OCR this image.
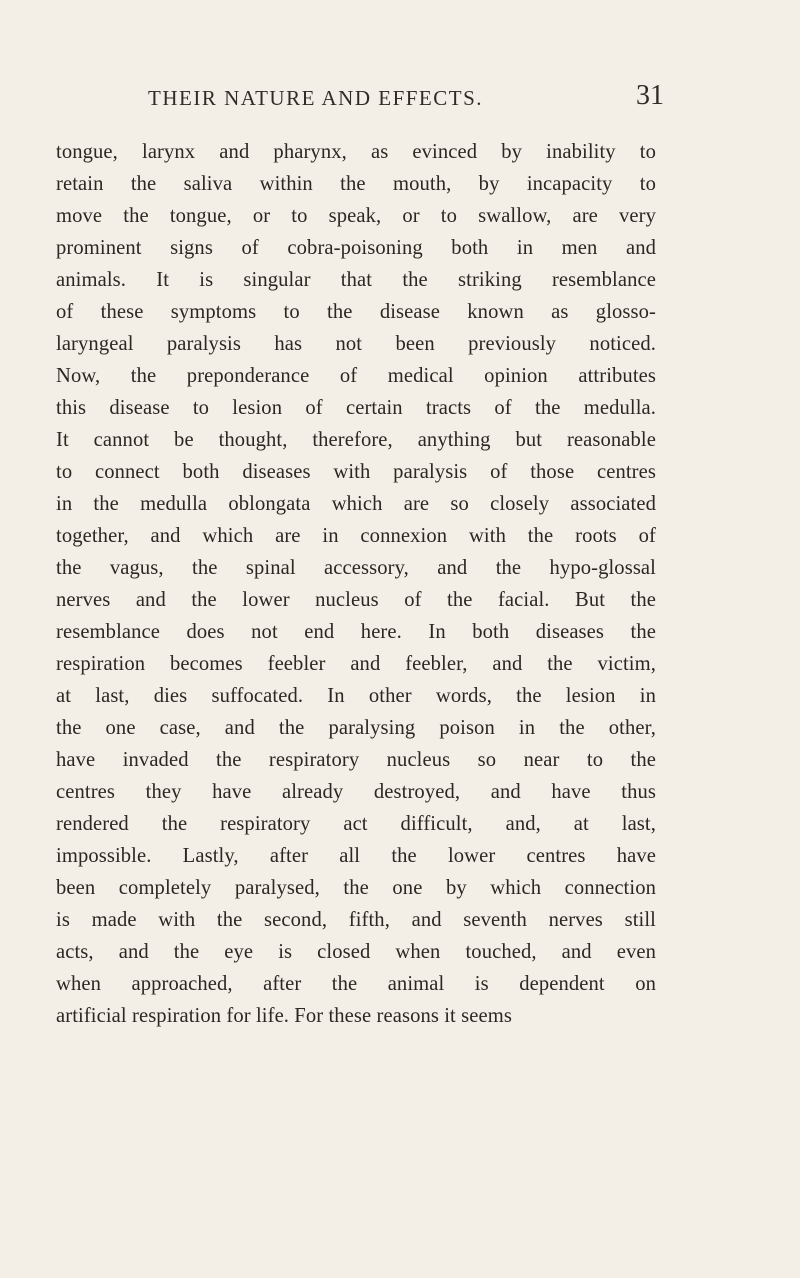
THEIR NATURE AND EFFECTS.	31
tongue, larynx and pharynx, as evinced by inability to
retain the saliva within the mouth, by incapacity to
move the tongue, or to speak, or to swallow, are very
prominent signs of cobra-poisoning both in men and
animals. It is singular that the striking resemblance
of these symptoms to the disease known as glosso-
laryngeal paralysis has not been previously noticed.
Now, the preponderance of medical opinion attributes
this disease to lesion of certain tracts of the medulla.
It cannot be thought, therefore, anything but reasonable
to connect both diseases with paralysis of those centres
in the medulla oblongata which are so closely associated
together, and which are in connexion with the roots of
the vagus, the spinal accessory, and the hypo-glossal
nerves and the lower nucleus of the facial. But the
resemblance does not end here. In both diseases the
respiration becomes feebler and feebler, and the victim,
at last, dies suffocated. In other words, the lesion in
the one case, and the paralysing poison in the other,
have invaded the respiratory nucleus so near to the
centres they have already destroyed, and have thus
rendered the respiratory act difficult, and, at last,
impossible. Lastly, after all the lower centres have
been completely paralysed, the one by which connection
is made with the second, fifth, and seventh nerves still
acts, and the eye is closed when touched, and even
when approached, after the animal is dependent on
artificial respiration for life. For these reasons it seems
